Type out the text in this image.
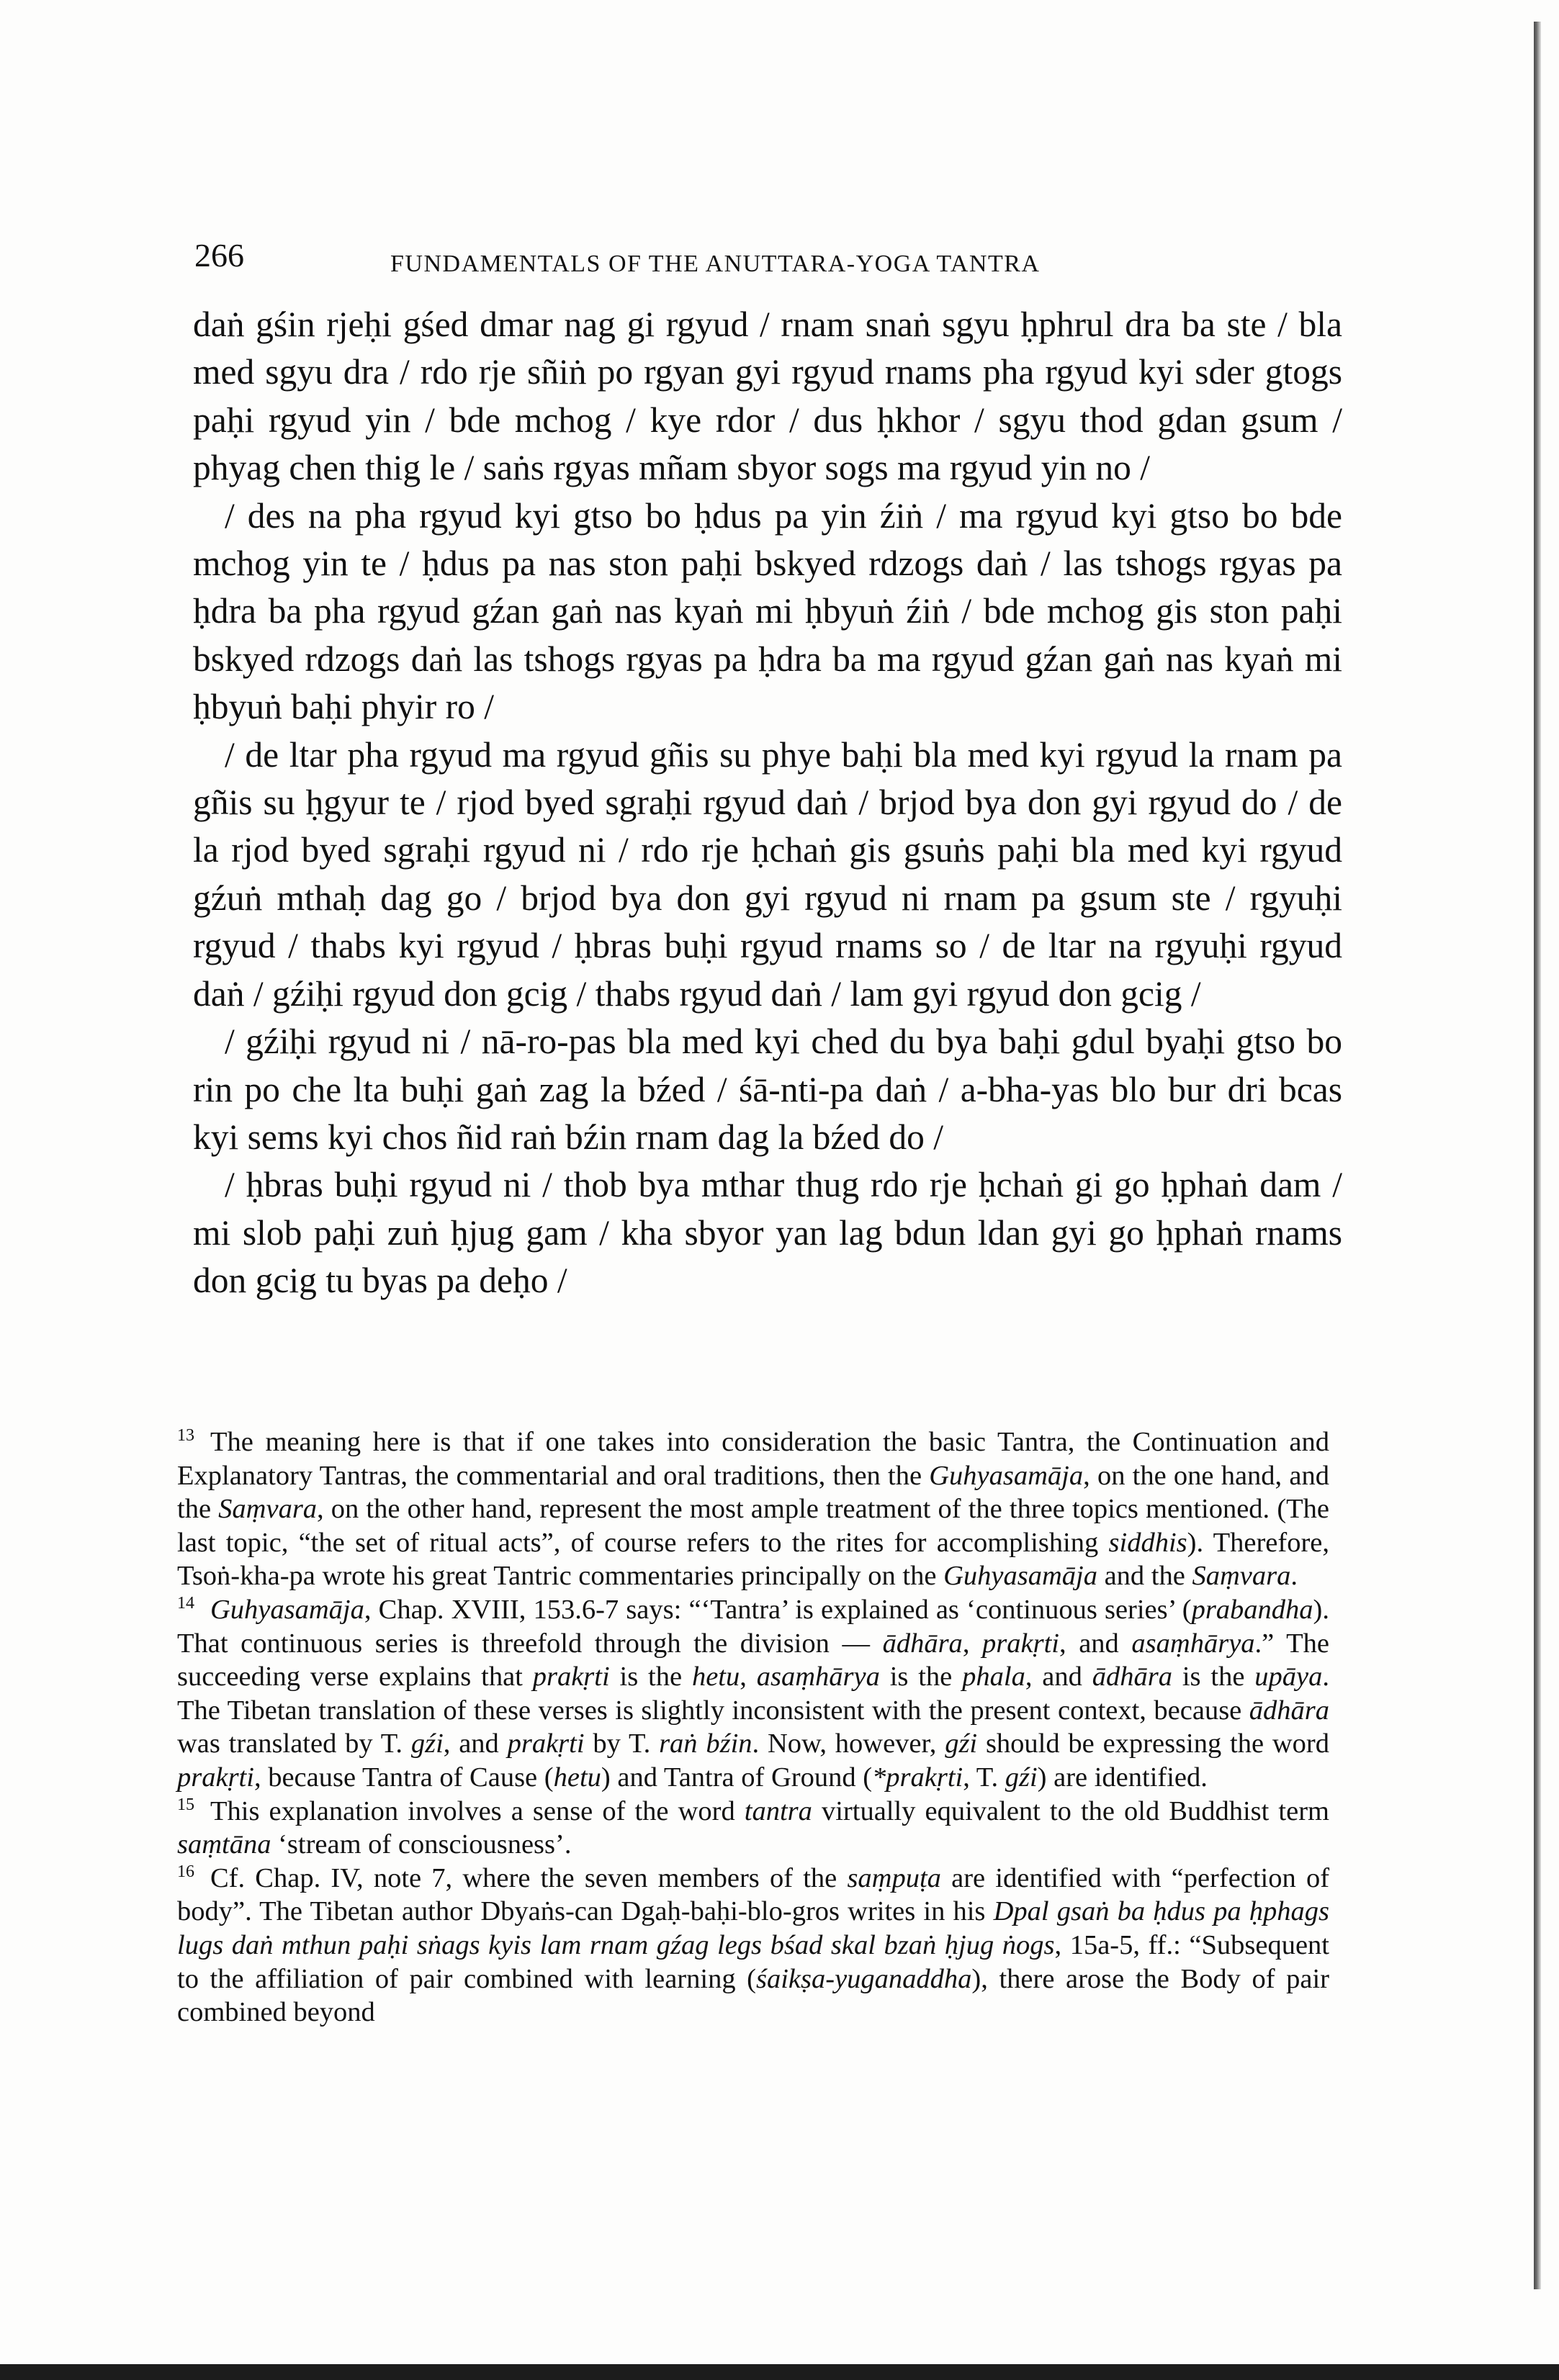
266	FUNDAMENTALS OF THE ANUTTARA-YOGA TANTRA

daṅ gśin rjeḥi gśed dmar nag gi rgyud / rnam snaṅ sgyu ḥphrul dra ba ste / bla med sgyu dra / rdo rje sñiṅ po rgyan gyi rgyud rnams pha rgyud kyi sder gtogs paḥi rgyud yin / bde mchog / kye rdor / dus ḥkhor / sgyu thod gdan gsum / phyag chen thig le / saṅs rgyas mñam sbyor sogs ma rgyud yin no /

/ des na pha rgyud kyi gtso bo ḥdus pa yin źiṅ / ma rgyud kyi gtso bo bde mchog yin te / ḥdus pa nas ston paḥi bskyed rdzogs daṅ / las tshogs rgyas pa ḥdra ba pha rgyud gźan gaṅ nas kyaṅ mi ḥbyuṅ źiṅ / bde mchog gis ston paḥi bskyed rdzogs daṅ las tshogs rgyas pa ḥdra ba ma rgyud gźan gaṅ nas kyaṅ mi ḥbyuṅ baḥi phyir ro /

/ de ltar pha rgyud ma rgyud gñis su phye baḥi bla med kyi rgyud la rnam pa gñis su ḥgyur te / rjod byed sgraḥi rgyud daṅ / brjod bya don gyi rgyud do / de la rjod byed sgraḥi rgyud ni / rdo rje ḥchaṅ gis gsuṅs paḥi bla med kyi rgyud gźuṅ mthaḥ dag go / brjod bya don gyi rgyud ni rnam pa gsum ste / rgyuḥi rgyud / thabs kyi rgyud / ḥbras buḥi rgyud rnams so / de ltar na rgyuḥi rgyud daṅ / gźiḥi rgyud don gcig / thabs rgyud daṅ / lam gyi rgyud don gcig /

/ gźiḥi rgyud ni / nā-ro-pas bla med kyi ched du bya baḥi gdul byaḥi gtso bo rin po che lta buḥi gaṅ zag la bźed / śā-nti-pa daṅ / a-bha-yas blo bur dri bcas kyi sems kyi chos ñid raṅ bźin rnam dag la bźed do /

/ ḥbras buḥi rgyud ni / thob bya mthar thug rdo rje ḥchaṅ gi go ḥphaṅ dam / mi slob paḥi zuṅ ḥjug gam / kha sbyor yan lag bdun ldan gyi go ḥphaṅ rnams don gcig tu byas pa deḥo /

$^{13}$ The meaning here is that if one takes into consideration the basic Tantra, the Continuation and Explanatory Tantras, the commentarial and oral traditions, then the Guhyasamāja, on the one hand, and the Saṃvara, on the other hand, represent the most ample treatment of the three topics mentioned. (The last topic, “the set of ritual acts”, of course refers to the rites for accomplishing siddhis). Therefore, Tsoṅ-kha-pa wrote his great Tantric commentaries principally on the Guhyasamāja and the Saṃvara.

$^{14}$ Guhyasamāja, Chap. XVIII, 153.6-7 says: “‘Tantra’ is explained as ‘continuous series’ (prabandha). That continuous series is threefold through the division — ādhāra, prakṛti, and asaṃhārya.” The succeeding verse explains that prakṛti is the hetu, asaṃhārya is the phala, and ādhāra is the upāya. The Tibetan translation of these verses is slightly inconsistent with the present context, because ādhāra was translated by T. gźi, and prakṛti by T. raṅ bźin. Now, however, gźi should be expressing the word prakṛti, because Tantra of Cause (hetu) and Tantra of Ground (*prakṛti, T. gźi) are identified.

$^{15}$ This explanation involves a sense of the word tantra virtually equivalent to the old Buddhist term saṃtāna ‘stream of consciousness’.

$^{16}$ Cf. Chap. IV, note 7, where the seven members of the saṃpuṭa are identified with “perfection of body”. The Tibetan author Dbyaṅs-can Dgaḥ-baḥi-blo-gros writes in his Dpal gsaṅ ba ḥdus pa ḥphags lugs daṅ mthun paḥi sṅags kyis lam rnam gźag legs bśad skal bzaṅ ḥjug ṅogs, 15a-5, ff.: “Subsequent to the affiliation of pair combined with learning (śaikṣa-yuganaddha), there arose the Body of pair combined beyond
